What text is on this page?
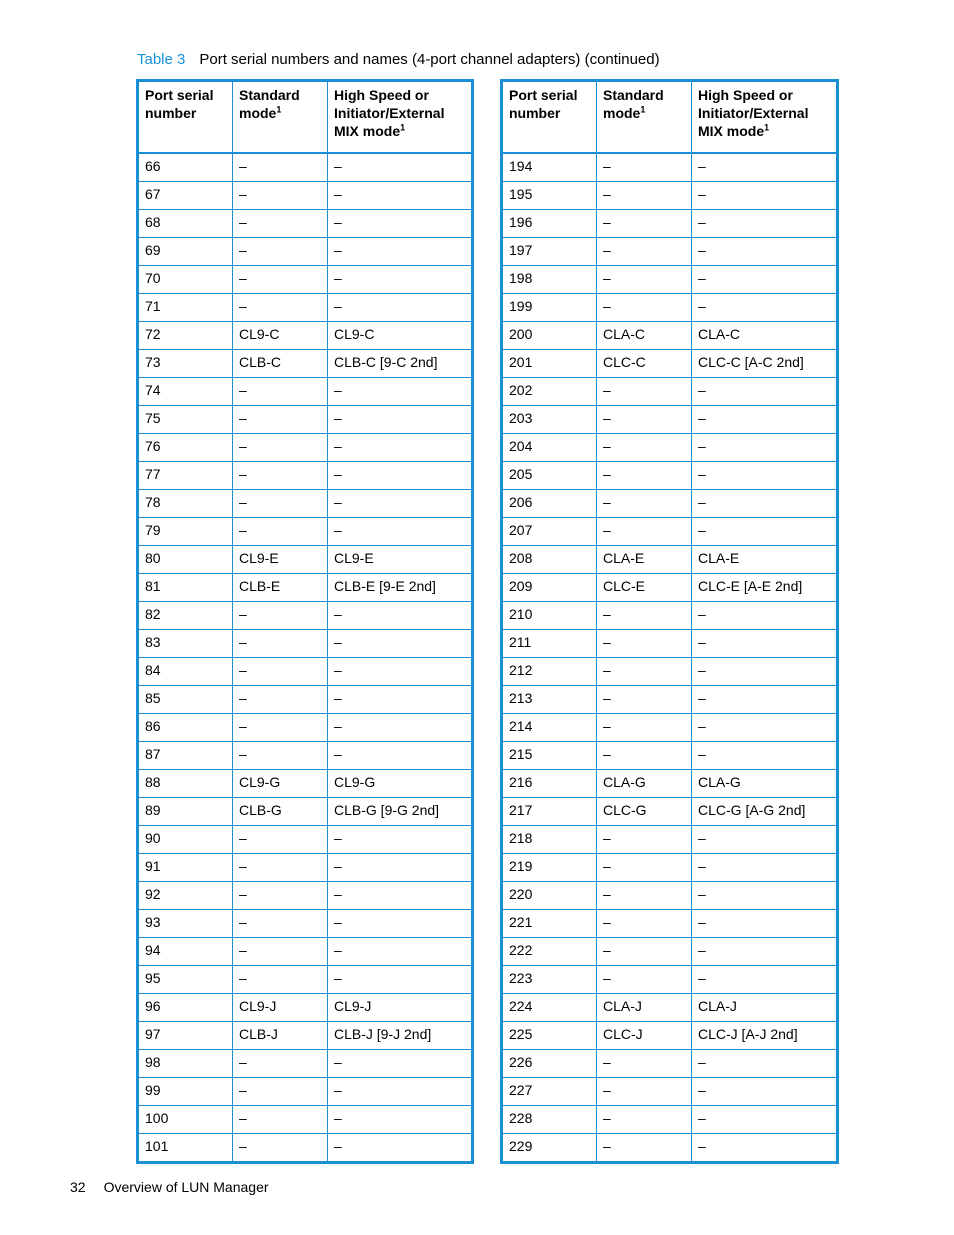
Table 3 Port serial numbers and names (4-port channel adapters) (continued)
Port serial number	Standard mode$^1$	High Speed or Initiator/External MIX mode$^1$
66	–	–
67	–	–
68	–	–
69	–	–
70	–	–
71	–	–
72	CL9-C	CL9-C
73	CLB-C	CLB-C [9-C 2nd]
74	–	–
75	–	–
76	–	–
77	–	–
78	–	–
79	–	–
80	CL9-E	CL9-E
81	CLB-E	CLB-E [9-E 2nd]
82	–	–
83	–	–
84	–	–
85	–	–
86	–	–
87	–	–
88	CL9-G	CL9-G
89	CLB-G	CLB-G [9-G 2nd]
90	–	–
91	–	–
92	–	–
93	–	–
94	–	–
95	–	–
96	CL9-J	CL9-J
97	CLB-J	CLB-J [9-J 2nd]
98	–	–
99	–	–
100	–	–
101	–	–
Port serial number	Standard mode$^1$	High Speed or Initiator/External MIX mode$^1$
194	–	–
195	–	–
196	–	–
197	–	–
198	–	–
199	–	–
200	CLA-C	CLA-C
201	CLC-C	CLC-C [A-C 2nd]
202	–	–
203	–	–
204	–	–
205	–	–
206	–	–
207	–	–
208	CLA-E	CLA-E
209	CLC-E	CLC-E [A-E 2nd]
210	–	–
211	–	–
212	–	–
213	–	–
214	–	–
215	–	–
216	CLA-G	CLA-G
217	CLC-G	CLC-G [A-G 2nd]
218	–	–
219	–	–
220	–	–
221	–	–
222	–	–
223	–	–
224	CLA-J	CLA-J
225	CLC-J	CLC-J [A-J 2nd]
226	–	–
227	–	–
228	–	–
229	–	–
32 Overview of LUN Manager
